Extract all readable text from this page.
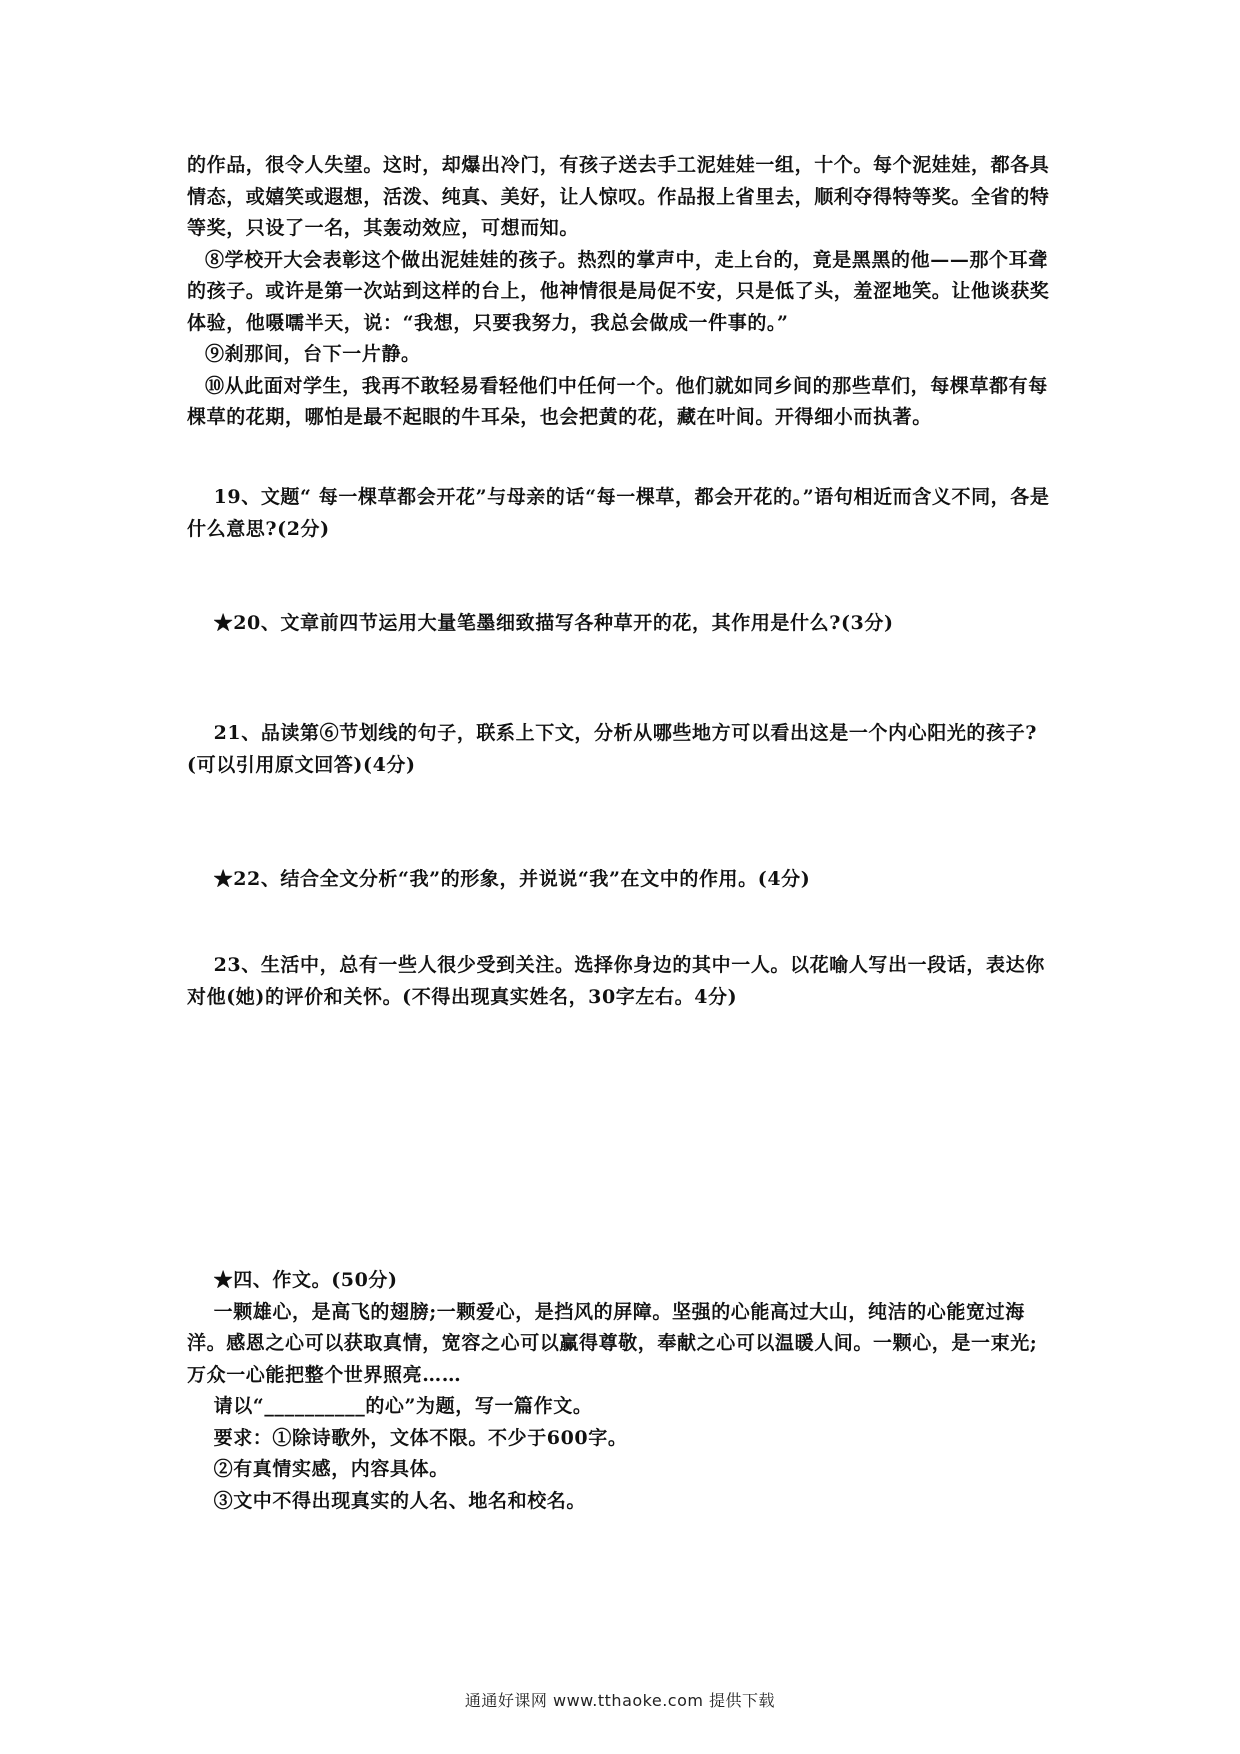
的作品，很令人失望。这时，却爆出冷门，有孩子送去手工泥娃娃一组，十个。每个泥娃娃，都各具情态，或嬉笑或遐想，活泼、纯真、美好，让人惊叹。作品报上省里去，顺利夺得特等奖。全省的特等奖，只设了一名，其轰动效应，可想而知。

⑧学校开大会表彰这个做出泥娃娃的孩子。热烈的掌声中，走上台的，竟是黑黑的他——那个耳聋的孩子。或许是第一次站到这样的台上，他神情很是局促不安，只是低了头，羞涩地笑。让他谈获奖体验，他嗫嚅半天，说：“我想，只要我努力，我总会做成一件事的。”

⑨刹那间，台下一片静。

⑩从此面对学生，我再不敢轻易看轻他们中任何一个。他们就如同乡间的那些草们，每棵草都有每棵草的花期，哪怕是最不起眼的牛耳朵，也会把黄的花，藏在叶间。开得细小而执著。

19、文题“ 每一棵草都会开花”与母亲的话“每一棵草，都会开花的。”语句相近而含义不同，各是什么意思?(2分)

★20、文章前四节运用大量笔墨细致描写各种草开的花，其作用是什么?(3分)

21、品读第⑥节划线的句子，联系上下文，分析从哪些地方可以看出这是一个内心阳光的孩子?(可以引用原文回答)(4分)

★22、结合全文分析“我”的形象，并说说“我”在文中的作用。(4分)

23、生活中，总有一些人很少受到关注。选择你身边的其中一人。以花喻人写出一段话，表达你对他(她)的评价和关怀。(不得出现真实姓名，30字左右。4分)

★四、作文。(50分)

一颗雄心，是高飞的翅膀;一颗爱心，是挡风的屏障。坚强的心能高过大山，纯洁的心能宽过海洋。感恩之心可以获取真情，宽容之心可以赢得尊敬，奉献之心可以温暖人间。一颗心，是一束光;万众一心能把整个世界照亮……

请以“__________的心”为题，写一篇作文。

要求：①除诗歌外，文体不限。不少于600字。

②有真情实感，内容具体。

③文中不得出现真实的人名、地名和校名。

通通好课网 www.tthaoke.com 提供下载
